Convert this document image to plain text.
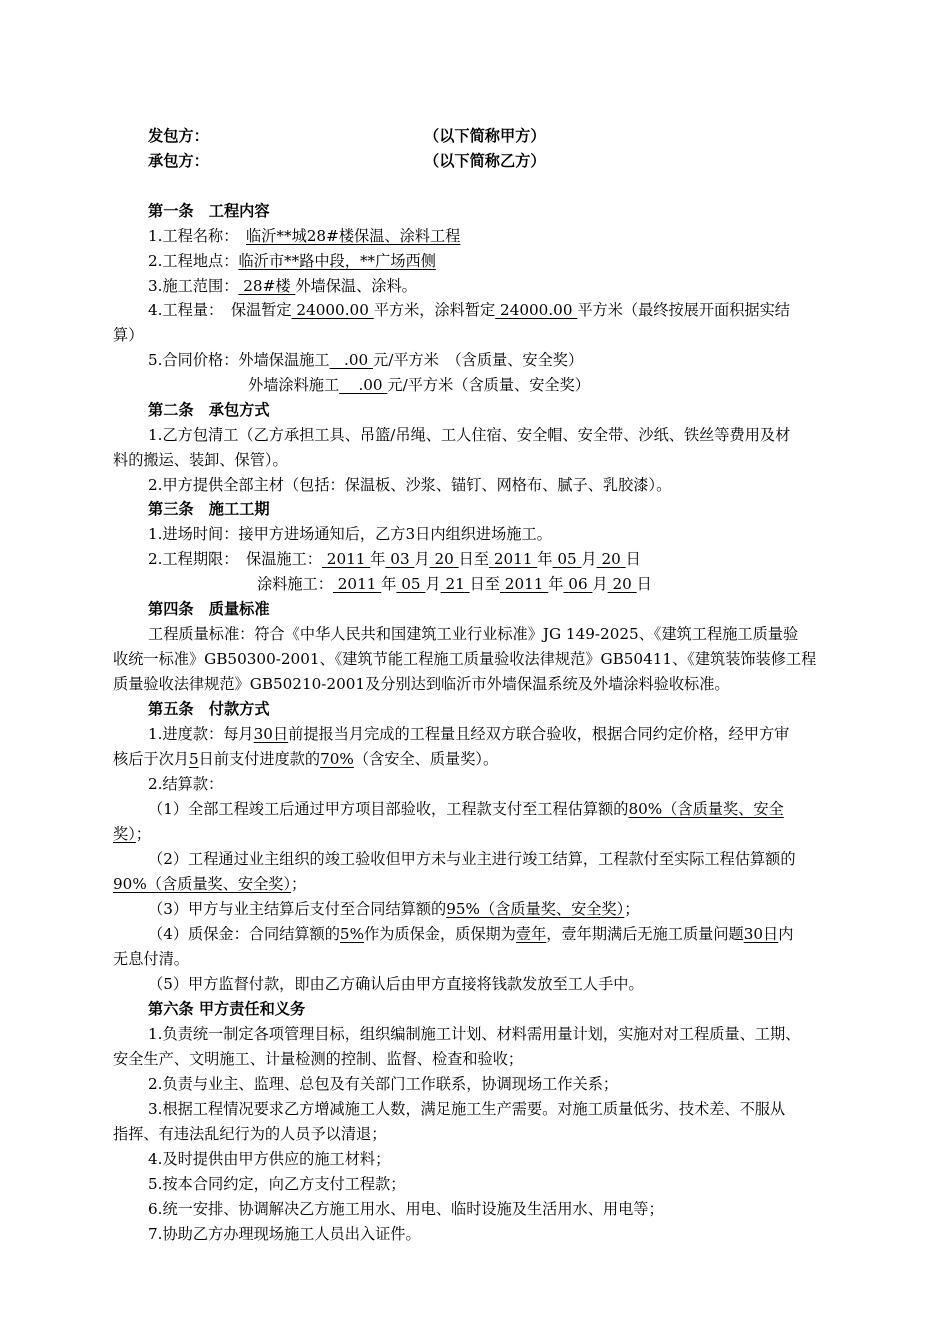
发包方：	（以下简称甲方）
承包方：	（以下简称乙方）
第一条　工程内容
1.工程名称：　 临沂**城28#楼保温、涂料工程
2.工程地点：临沂市**路中段，**广场西侧
3.施工范围： 28#楼 外墙保温、涂料。
4.工程量：　保温暂定 24000.00 平方米，涂料暂定 24000.00 平方米（最终按展开面积据实结
算）
5.合同价格：外墙保温施工 .00 元/平方米　（含质量、安全奖）
外墙涂料施工 .00 元/平方米（含质量、安全奖）
第二条　承包方式
1.乙方包清工（乙方承担工具、吊篮/吊绳、工人住宿、安全帽、安全带、沙纸、铁丝等费用及材
料的搬运、装卸、保管）。
2.甲方提供全部主材（包括：保温板、沙浆、锚钉、网格布、腻子、乳胶漆）。
第三条　施工工期
1.进场时间：接甲方进场通知后，乙方3日内组织进场施工。
2.工程期限：　保温施工： 2011 年 03 月 20 日至 2011 年 05 月 20 日
涂料施工： 2011 年 05 月 21 日至 2011 年 06 月 20 日
第四条　质量标准
工程质量标准：符合《中华人民共和国建筑工业行业标准》JG 149-2025、《建筑工程施工质量验
收统一标准》GB50300-2001、《建筑节能工程施工质量验收法律规范》GB50411、《建筑装饰装修工程
质量验收法律规范》GB50210-2001及分别达到临沂市外墙保温系统及外墙涂料验收标准。
第五条　付款方式
1.进度款：每月30日前提报当月完成的工程量且经双方联合验收，根据合同约定价格，经甲方审
核后于次月5日前支付进度款的70%（含安全、质量奖）。
2.结算款：
（1）全部工程竣工后通过甲方项目部验收，工程款支付至工程估算额的80%（含质量奖、安全
奖）；
（2）工程通过业主组织的竣工验收但甲方未与业主进行竣工结算，工程款付至实际工程估算额的
90%（含质量奖、安全奖）；
（3）甲方与业主结算后支付至合同结算额的95%（含质量奖、安全奖）；
（4）质保金：合同结算额的5%作为质保金，质保期为壹年，壹年期满后无施工质量问题30日内
无息付清。
（5）甲方监督付款，即由乙方确认后由甲方直接将钱款发放至工人手中。
第六条 甲方责任和义务
1.负责统一制定各项管理目标，组织编制施工计划、材料需用量计划，实施对对工程质量、工期、
安全生产、文明施工、计量检测的控制、监督、检查和验收；
2.负责与业主、监理、总包及有关部门工作联系，协调现场工作关系；
3.根据工程情况要求乙方增减施工人数，满足施工生产需要。对施工质量低劣、技术差、不服从
指挥、有违法乱纪行为的人员予以清退；
4.及时提供由甲方供应的施工材料；
5.按本合同约定，向乙方支付工程款；
6.统一安排、协调解决乙方施工用水、用电、临时设施及生活用水、用电等；
7.协助乙方办理现场施工人员出入证件。
